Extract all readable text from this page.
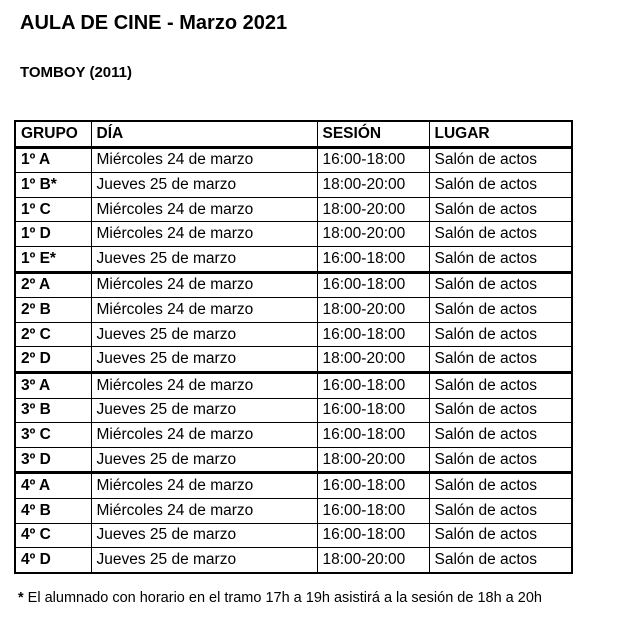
AULA DE CINE - Marzo 2021
TOMBOY (2011)
GRUPO	DÍA	SESIÓN	LUGAR
1º A	Miércoles 24 de marzo	16:00-18:00	Salón de actos
1º B*	Jueves 25 de marzo	18:00-20:00	Salón de actos
1º C	Miércoles 24 de marzo	18:00-20:00	Salón de actos
1º D	Miércoles 24 de marzo	18:00-20:00	Salón de actos
1º E*	Jueves 25 de marzo	16:00-18:00	Salón de actos
2º A	Miércoles 24 de marzo	16:00-18:00	Salón de actos
2º B	Miércoles 24 de marzo	18:00-20:00	Salón de actos
2º C	Jueves 25 de marzo	16:00-18:00	Salón de actos
2º D	Jueves 25 de marzo	18:00-20:00	Salón de actos
3º A	Miércoles 24 de marzo	16:00-18:00	Salón de actos
3º B	Jueves 25 de marzo	16:00-18:00	Salón de actos
3º C	Miércoles 24 de marzo	16:00-18:00	Salón de actos
3º D	Jueves 25 de marzo	18:00-20:00	Salón de actos
4º A	Miércoles 24 de marzo	16:00-18:00	Salón de actos
4º B	Miércoles 24 de marzo	16:00-18:00	Salón de actos
4º C	Jueves 25 de marzo	16:00-18:00	Salón de actos
4º D	Jueves 25 de marzo	18:00-20:00	Salón de actos
* El alumnado con horario en el tramo 17h a 19h asistirá a la sesión de 18h a 20h
